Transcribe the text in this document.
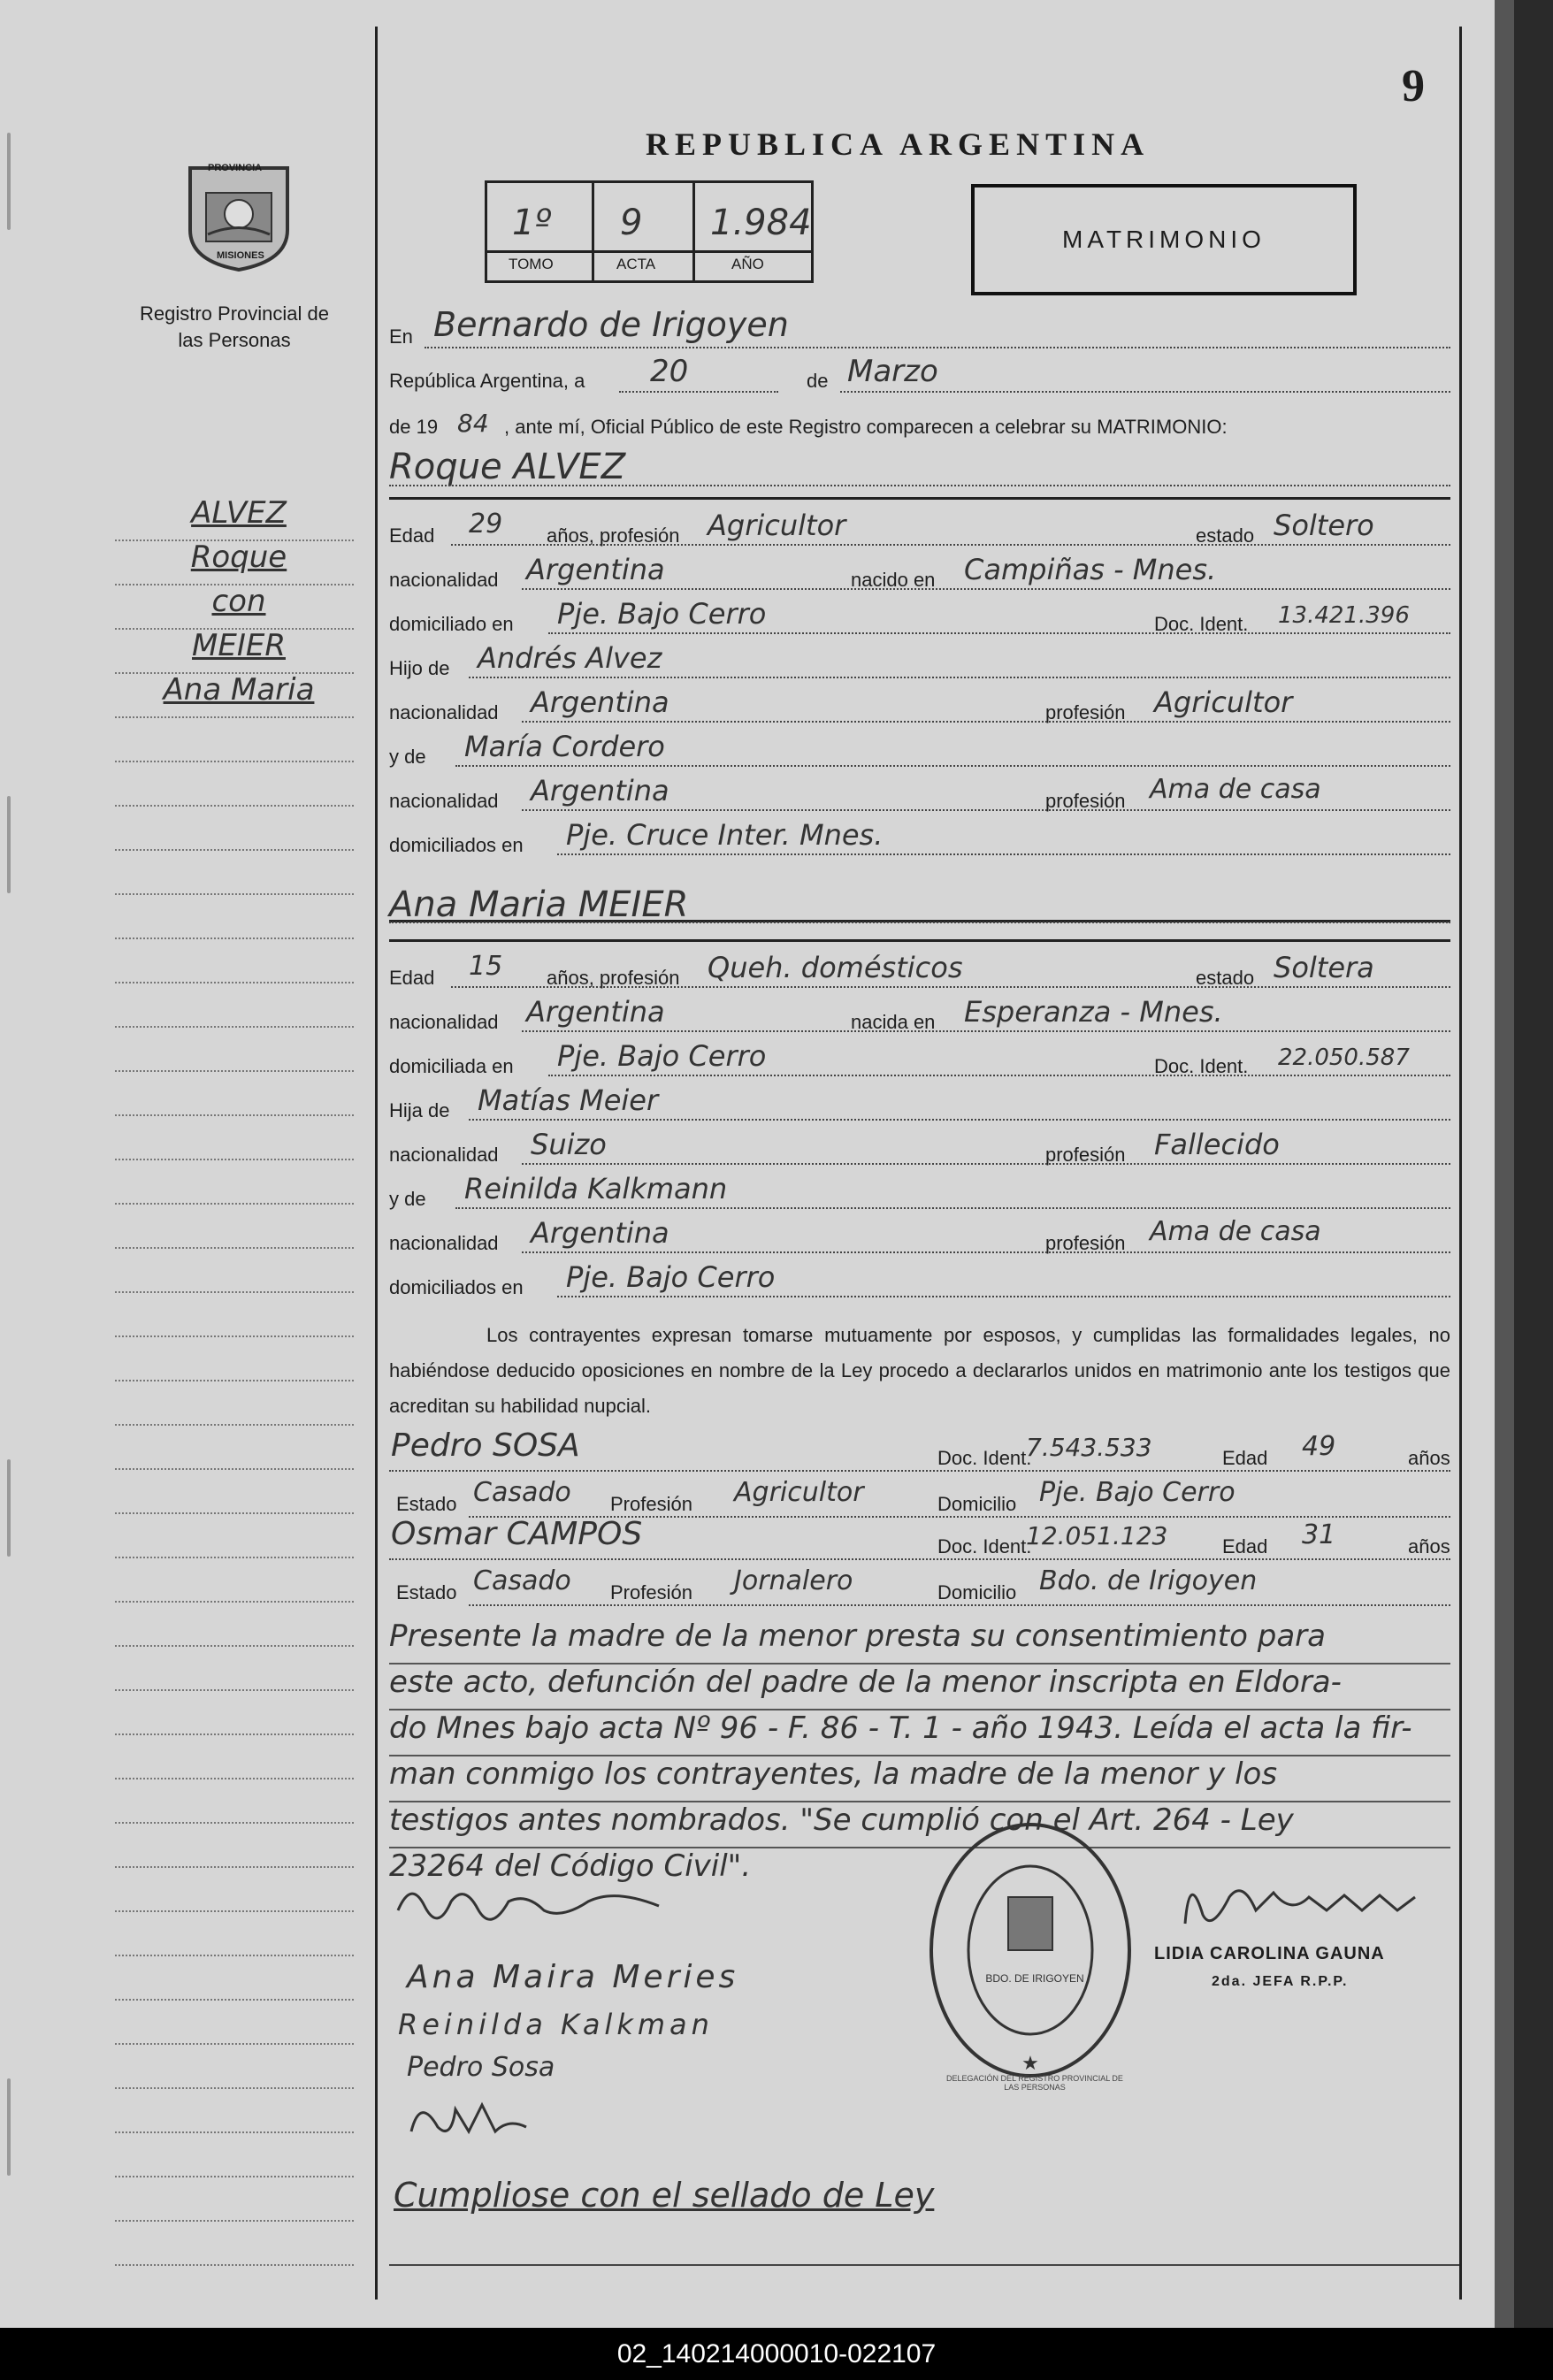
9
PROVINCIA
MISIONES
Registro Provincial de las Personas
ALVEZ
Roque
con
MEIER
Ana Maria
REPUBLICA ARGENTINA
1º 9 1.984
TOMO	ACTA	AÑO
MATRIMONIO
En Bernardo de Irigoyen
República Argentina, a 20	de Marzo
de 19 84 , ante mí, Oficial Público de este Registro comparecen a celebrar su MATRIMONIO:
Roque ALVEZ
Ana Maria MEIER
Los contrayentes expresan tomarse mutuamente por esposos, y cumplidas las formalidades legales, no habiéndose deducido oposiciones en nombre de la Ley procedo a declararlos unidos en matrimonio ante los testigos que acreditan su habilidad nupcial.
Presente la madre de la menor presta su consentimiento para
este acto, defunción del padre de la menor inscripta en Eldora-
do Mnes bajo acta Nº 96 - F. 86 - T. 1 - año 1943. Leída el acta la fir-
man conmigo los contrayentes, la madre de la menor y los
testigos antes nombrados. "Se cumplió con el Art. 264 - Ley
23264 del Código Civil".
Ana Maira Meries
Reinilda Kalkman
Pedro Sosa	★
DELEGACIÓN DEL REGISTRO PROVINCIAL DE LAS PERSONAS
BDO. DE IRIGOYEN
LIDIA CAROLINA GAUNA
2da. JEFA R.P.P.
Cumpliose con el sellado de Ley
02_140214000010-022107
Edad 29 años, profesión Agricultor	estado Soltero
nacionalidad Argentina	nacido en Campiñas - Mnes.
domiciliado en Pje. Bajo Cerro	Doc. Ident. 13.421.396
Hijo de Andrés Alvez
nacionalidad Argentina	profesión Agricultor
y de María Cordero
nacionalidad Argentina	profesión Ama de casa
domiciliados en Pje. Cruce Inter. Mnes.
Edad 15 años, profesión Queh. domésticos	estado Soltera
nacionalidad Argentina	nacida en Esperanza - Mnes.
domiciliada en Pje. Bajo Cerro	Doc. Ident. 22.050.587
Hija de Matías Meier
nacionalidad Suizo	profesión Fallecido
y de Reinilda Kalkmann
nacionalidad Argentina	profesión Ama de casa
domiciliados en Pje. Bajo Cerro
Pedro SOSA	Doc. Ident.
7.543.533	Edad 49	años
Estado Casado Profesión Agricultor	Domicilio Pje. Bajo Cerro
Osmar CAMPOS	Doc. Ident.
12.051.123	Edad 31	años
Estado Casado Profesión Jornalero	Domicilio Bdo. de Irigoyen
